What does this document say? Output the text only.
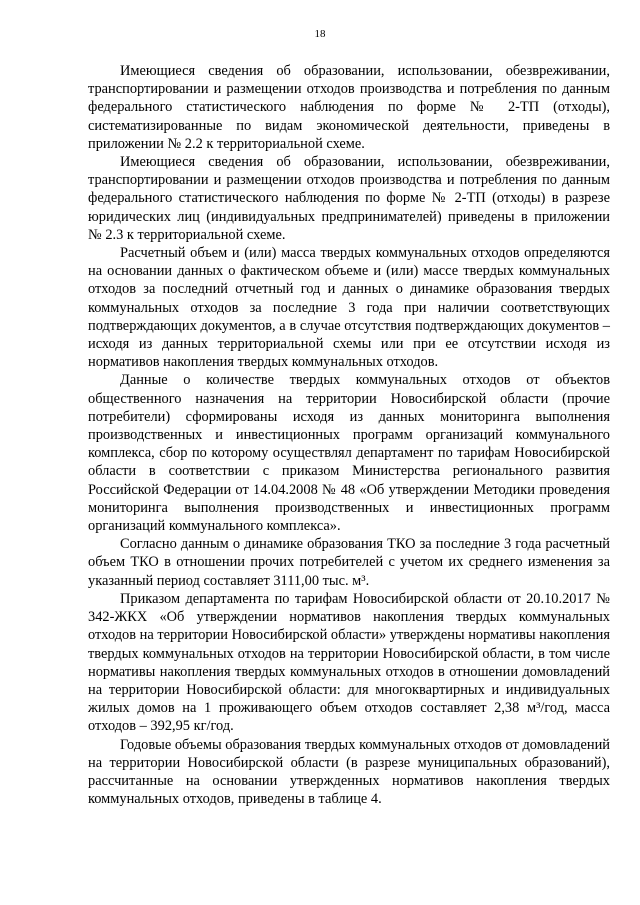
18

Имеющиеся сведения об образовании, использовании, обезвреживании, транспортировании и размещении отходов производства и потребления по данным федерального статистического наблюдения по форме № 2-ТП (отходы), систематизированные по видам экономической деятельности, приведены в приложении № 2.2 к территориальной схеме.

Имеющиеся сведения об образовании, использовании, обезвреживании, транспортировании и размещении отходов производства и потребления по данным федерального статистического наблюдения по форме № 2-ТП (отходы) в разрезе юридических лиц (индивидуальных предпринимателей) приведены в приложении № 2.3 к территориальной схеме.

Расчетный объем и (или) масса твердых коммунальных отходов определяются на основании данных о фактическом объеме и (или) массе твердых коммунальных отходов за последний отчетный год и данных о динамике образования твердых коммунальных отходов за последние 3 года при наличии соответствующих подтверждающих документов, а в случае отсутствия подтверждающих документов – исходя из данных территориальной схемы или при ее отсутствии исходя из нормативов накопления твердых коммунальных отходов.

Данные о количестве твердых коммунальных отходов от объектов общественного назначения на территории Новосибирской области (прочие потребители) сформированы исходя из данных мониторинга выполнения производственных и инвестиционных программ организаций коммунального комплекса, сбор по которому осуществлял департамент по тарифам Новосибирской области в соответствии с приказом Министерства регионального развития Российской Федерации от 14.04.2008 № 48 «Об утверждении Методики проведения мониторинга выполнения производственных и инвестиционных программ организаций коммунального комплекса».

Согласно данным о динамике образования ТКО за последние 3 года расчетный объем ТКО в отношении прочих потребителей с учетом их среднего изменения за указанный период составляет 3111,00 тыс. м³.

Приказом департамента по тарифам Новосибирской области от 20.10.2017 № 342-ЖКХ «Об утверждении нормативов накопления твердых коммунальных отходов на территории Новосибирской области» утверждены нормативы накопления твердых коммунальных отходов на территории Новосибирской области, в том числе нормативы накопления твердых коммунальных отходов в отношении домовладений на территории Новосибирской области: для многоквартирных и индивидуальных жилых домов на 1 проживающего объем отходов составляет 2,38 м³/год, масса отходов – 392,95 кг/год.

Годовые объемы образования твердых коммунальных отходов от домовладений на территории Новосибирской области (в разрезе муниципальных образований), рассчитанные на основании утвержденных нормативов накопления твердых коммунальных отходов, приведены в таблице 4.
